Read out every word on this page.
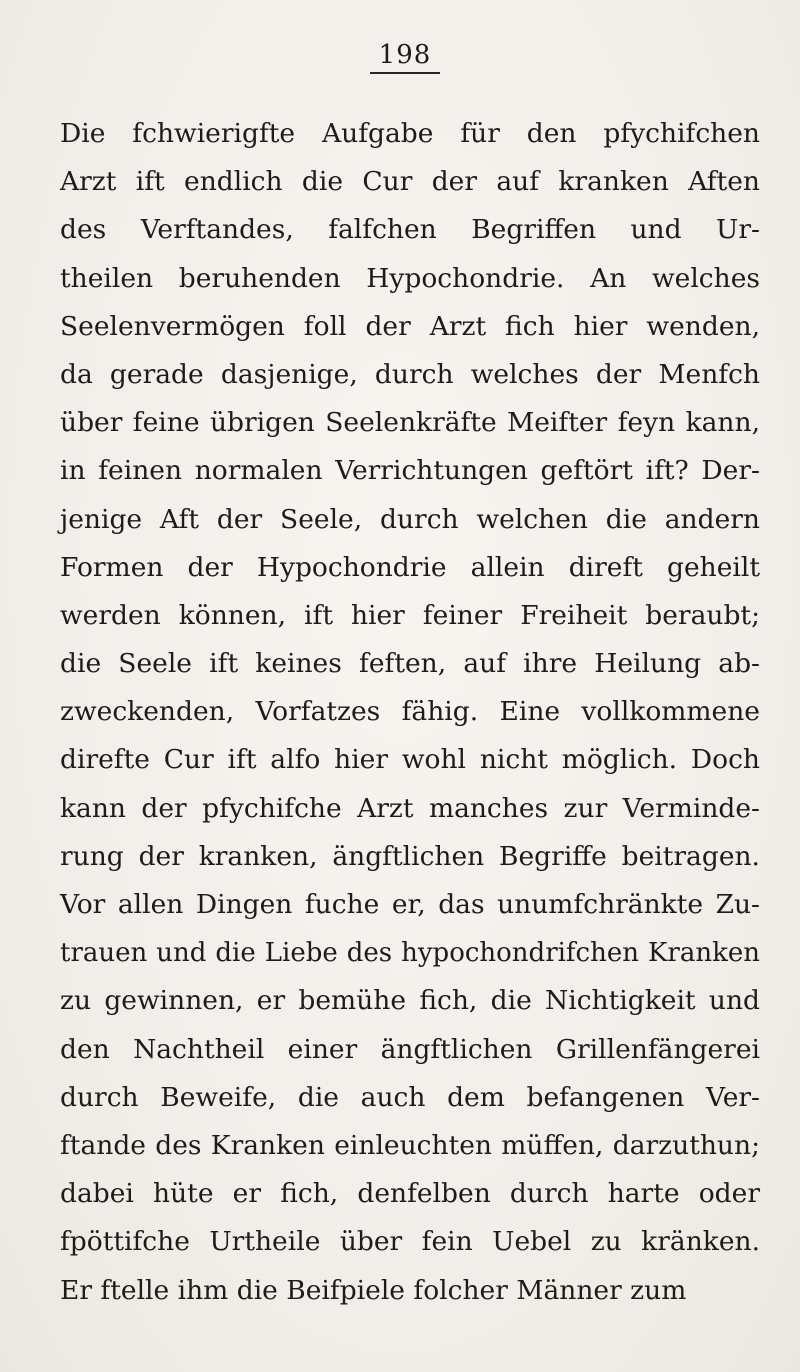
198
Die fchwierigfte Aufgabe für den pfychifchen
Arzt ift endlich die Cur der auf kranken Aften
des Verftandes, falfchen Begriffen und Ur-
theilen beruhenden Hypochondrie. An welches
Seelenvermögen foll der Arzt fich hier wenden,
da gerade dasjenige, durch welches der Menfch
über feine übrigen Seelenkräfte Meifter feyn kann,
in feinen normalen Verrichtungen geftört ift? Der-
jenige Aft der Seele, durch welchen die andern
Formen der Hypochondrie allein direft geheilt
werden können, ift hier feiner Freiheit beraubt;
die Seele ift keines feften, auf ihre Heilung ab-
zweckenden, Vorfatzes fähig. Eine vollkommene
direfte Cur ift alfo hier wohl nicht möglich. Doch
kann der pfychifche Arzt manches zur Verminde-
rung der kranken, ängftlichen Begriffe beitragen.
Vor allen Dingen fuche er, das unumfchränkte Zu-
trauen und die Liebe des hypochondrifchen Kranken
zu gewinnen, er bemühe fich, die Nichtigkeit und
den Nachtheil einer ängftlichen Grillenfängerei
durch Beweife, die auch dem befangenen Ver-
ftande des Kranken einleuchten müffen, darzuthun;
dabei hüte er fich, denfelben durch harte oder
fpöttifche Urtheile über fein Uebel zu kränken.
Er ftelle ihm die Beifpiele folcher Männer zum
